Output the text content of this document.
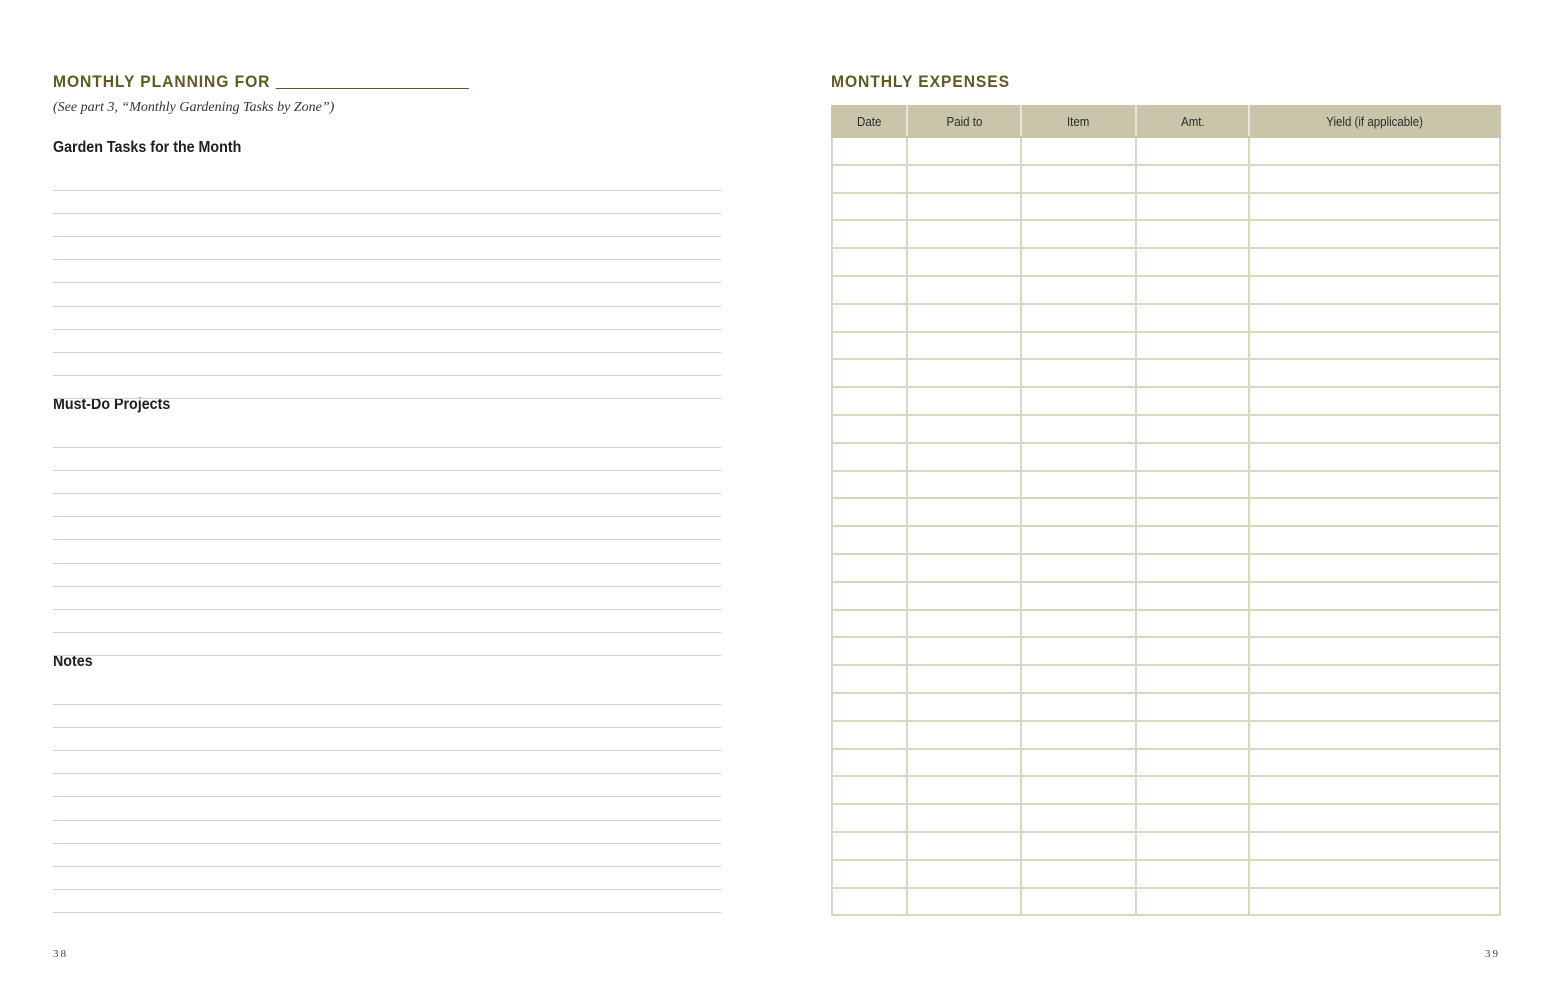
MONTHLY PLANNING FOR
(See part 3, “Monthly Gardening Tasks by Zone”)
Garden Tasks for the Month
Must-Do Projects
Notes
38
MONTHLY EXPENSES
Date	Paid to	Item	Amt.	Yield (if applicable)

39
